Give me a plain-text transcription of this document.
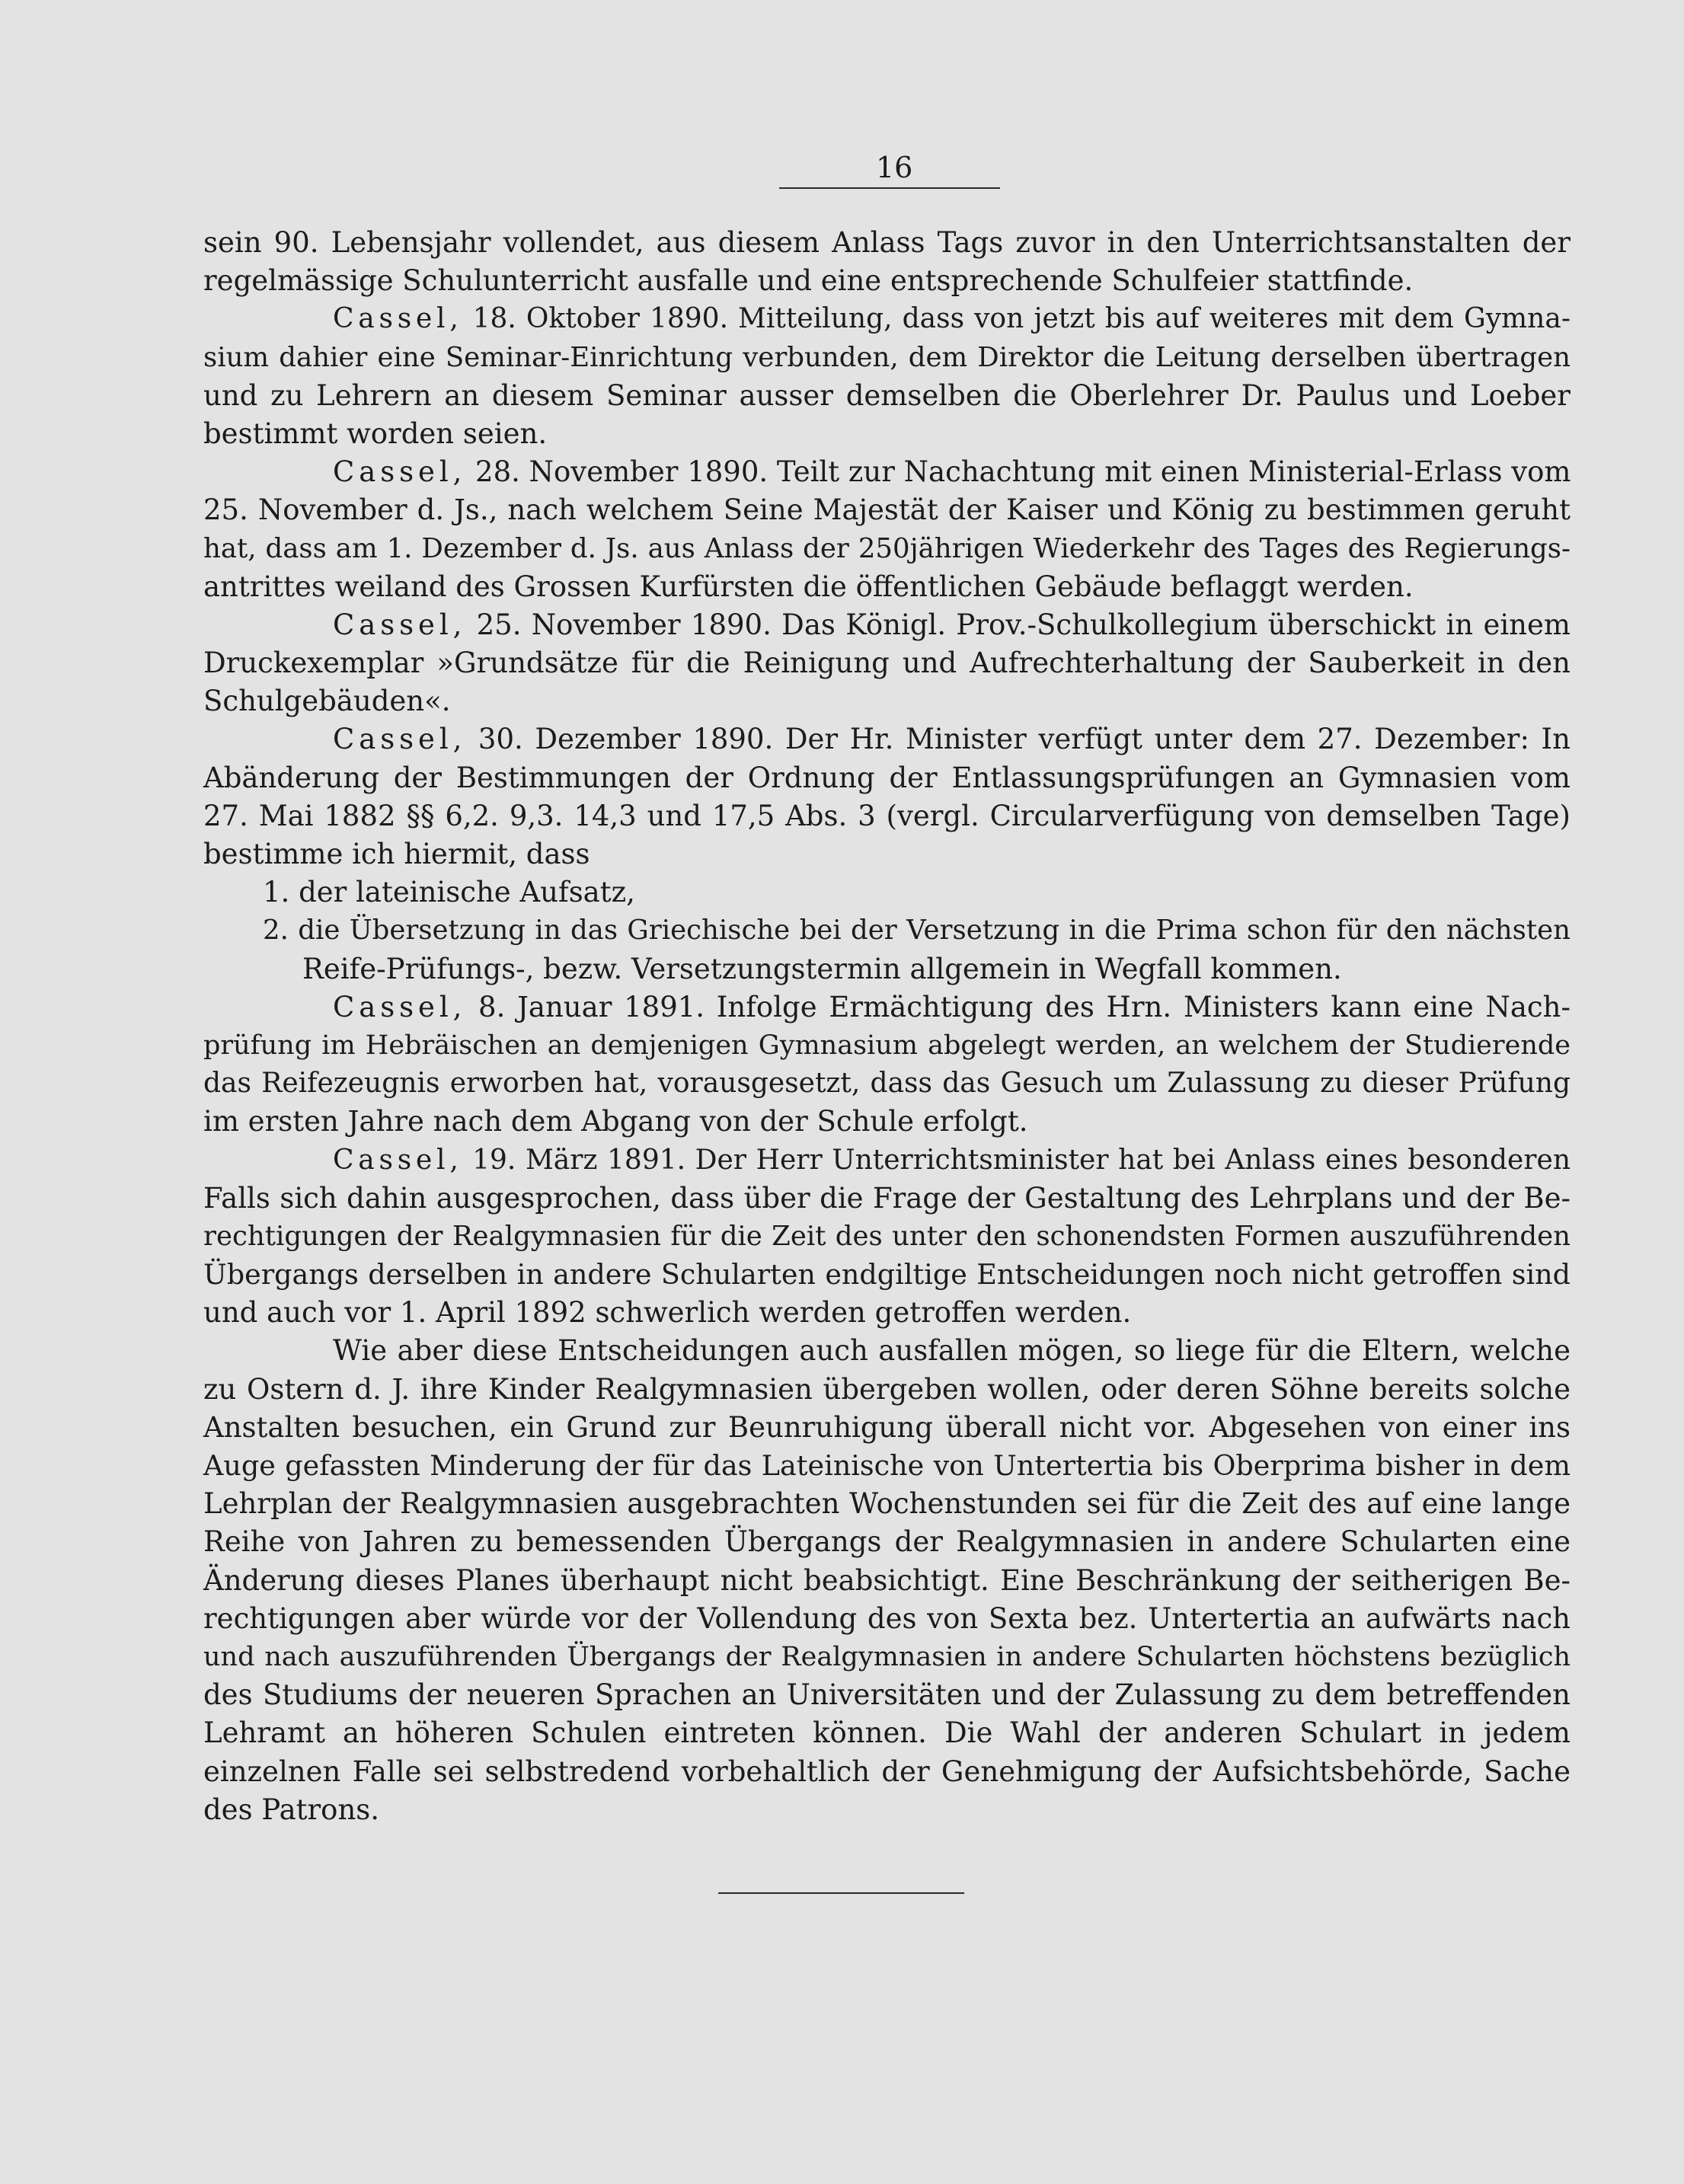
16
sein 90. Lebensjahr vollendet, aus diesem Anlass Tags zuvor in den Unterrichtsanstalten der
regelmässige Schulunterricht ausfalle und eine entsprechende Schulfeier stattfinde.
Cassel, 18. Oktober 1890. Mitteilung, dass von jetzt bis auf weiteres mit dem Gymna-
sium dahier eine Seminar-Einrichtung verbunden, dem Direktor die Leitung derselben übertragen
und zu Lehrern an diesem Seminar ausser demselben die Oberlehrer Dr. Paulus und Loeber
bestimmt worden seien.
Cassel, 28. November 1890. Teilt zur Nachachtung mit einen Ministerial-Erlass vom
25. November d. Js., nach welchem Seine Majestät der Kaiser und König zu bestimmen geruht
hat, dass am 1. Dezember d. Js. aus Anlass der 250jährigen Wiederkehr des Tages des Regierungs-
antrittes weiland des Grossen Kurfürsten die öffentlichen Gebäude beflaggt werden.
Cassel, 25. November 1890. Das Königl. Prov.-Schulkollegium überschickt in einem
Druckexemplar »Grundsätze für die Reinigung und Aufrechterhaltung der Sauberkeit in den
Schulgebäuden«.
Cassel, 30. Dezember 1890. Der Hr. Minister verfügt unter dem 27. Dezember: In
Abänderung der Bestimmungen der Ordnung der Entlassungsprüfungen an Gymnasien vom
27. Mai 1882 §§ 6,2. 9,3. 14,3 und 17,5 Abs. 3 (vergl. Circularverfügung von demselben Tage)
bestimme ich hiermit, dass
1. der lateinische Aufsatz,
2. die Übersetzung in das Griechische bei der Versetzung in die Prima schon für den nächsten
Reife-Prüfungs-, bezw. Versetzungstermin allgemein in Wegfall kommen.
Cassel, 8. Januar 1891. Infolge Ermächtigung des Hrn. Ministers kann eine Nach-
prüfung im Hebräischen an demjenigen Gymnasium abgelegt werden, an welchem der Studierende
das Reifezeugnis erworben hat, vorausgesetzt, dass das Gesuch um Zulassung zu dieser Prüfung
im ersten Jahre nach dem Abgang von der Schule erfolgt.
Cassel, 19. März 1891. Der Herr Unterrichtsminister hat bei Anlass eines besonderen
Falls sich dahin ausgesprochen, dass über die Frage der Gestaltung des Lehrplans und der Be-
rechtigungen der Realgymnasien für die Zeit des unter den schonendsten Formen auszuführenden
Übergangs derselben in andere Schularten endgiltige Entscheidungen noch nicht getroffen sind
und auch vor 1. April 1892 schwerlich werden getroffen werden.
Wie aber diese Entscheidungen auch ausfallen mögen, so liege für die Eltern, welche
zu Ostern d. J. ihre Kinder Realgymnasien übergeben wollen, oder deren Söhne bereits solche
Anstalten besuchen, ein Grund zur Beunruhigung überall nicht vor. Abgesehen von einer ins
Auge gefassten Minderung der für das Lateinische von Untertertia bis Oberprima bisher in dem
Lehrplan der Realgymnasien ausgebrachten Wochenstunden sei für die Zeit des auf eine lange
Reihe von Jahren zu bemessenden Übergangs der Realgymnasien in andere Schularten eine
Änderung dieses Planes überhaupt nicht beabsichtigt. Eine Beschränkung der seitherigen Be-
rechtigungen aber würde vor der Vollendung des von Sexta bez. Untertertia an aufwärts nach
und nach auszuführenden Übergangs der Realgymnasien in andere Schularten höchstens bezüglich
des Studiums der neueren Sprachen an Universitäten und der Zulassung zu dem betreffenden
Lehramt an höheren Schulen eintreten können. Die Wahl der anderen Schulart in jedem
einzelnen Falle sei selbstredend vorbehaltlich der Genehmigung der Aufsichtsbehörde, Sache
des Patrons.
